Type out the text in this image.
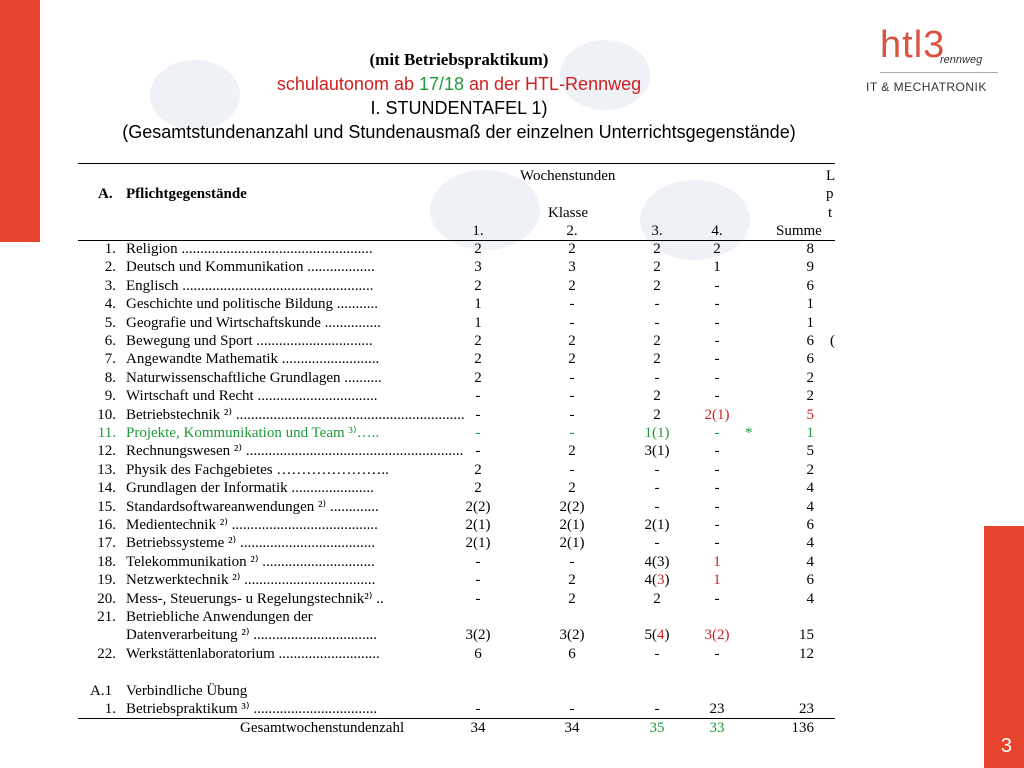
3
htl3
rennweg
IT & MECHATRONIK
(mit Betriebspraktikum)
schulautonom ab 17/18 an der HTL-Rennweg
I. STUNDENTAFEL 1)
(Gesamtstundenanzahl und Stundenausmaß der einzelnen Unterrichtsgegenstände)
A. Pflichtgegenstände
Wochenstunden
Klasse
L
p
t
1.	2.	3.	4.	Summe
1. Religion ...................................................	2	2	2	2	8
2. Deutsch und Kommunikation ..................	3	3	2	1	9
3. Englisch ...................................................	2	2	2	-	6
4. Geschichte und politische Bildung ...........	1	-	-	-	1
5. Geografie und Wirtschaftskunde ...............	1	-	-	-	1
6. Bewegung und Sport ...............................	2	2	2	-	6 (
7. Angewandte Mathematik ..........................	2	2	2	-	6
8. Naturwissenschaftliche Grundlagen ..........	2	-	-	-	2
9. Wirtschaft und Recht ................................	-	-	2	-	2
10. Betriebstechnik ²⁾ ............................................................. -	-	2	2(1)	5
11. Projekte, Kommunikation und Team ³⁾…..	-	-	1(1)	-	1
*
12. Rechnungswesen ²⁾ .......................................................... -	2	3(1)	-	5
13. Physik des Fachgebietes …………………..	2	-	-	-	2
14. Grundlagen der Informatik ......................	2	2	-	-	4
15. Standardsoftwareanwendungen ²⁾ .............	2(2)	2(2)	-	-	4
16. Medientechnik ²⁾ .......................................	2(1)	2(1)	2(1)	-	6
17. Betriebssysteme ²⁾ ....................................	2(1)	2(1)	-	-	4
18. Telekommunikation ²⁾ ..............................	-	-	4(3)	1	4
19. Netzwerktechnik ²⁾ ...................................	-	2	4(3)	1	6
20. Mess-, Steuerungs- u Regelungstechnik²⁾ ..	-	2	2	-	4
21. Betriebliche Anwendungen der
Datenverarbeitung ²⁾ .................................	3(2)	3(2)	5(4)	3(2)	15
22. Werkstättenlaboratorium ...........................	6	6	-	-	12
A.1 Verbindliche Übung
1. Betriebspraktikum ³⁾ .................................	-	-	-	23	23
Gesamtwochenstundenzahl	34	34	35	33	136
